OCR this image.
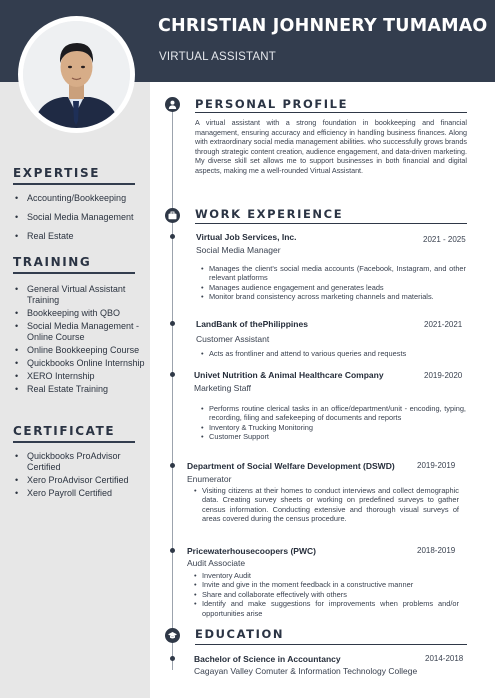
CHRISTIAN JOHNNERY TUMAMAO
VIRTUAL ASSISTANT
EXPERTISE
• Accounting/Bookkeeping
• Social Media Management
• Real Estate
TRAINING
• General Virtual Assistant Training
• Bookkeeping with QBO
• Social Media Management - Online Course
• Online Bookkeeping Course
• Quickbooks Online Internship
• XERO Internship
• Real Estate Training
CERTIFICATE
• Quickbooks ProAdvisor Certified
• Xero ProAdvisor Certified
• Xero Payroll Certified
PERSONAL PROFILE
A virtual assistant with a strong foundation in bookkeeping and financial management, ensuring accuracy and efficiency in handling business finances. Along with extraordinary social media management abilities. who successfully grows brands through strategic content creation, audience engagement, and data-driven marketing. My diverse skill set allows me to support businesses in both financial and digital aspects, making me a well-rounded Virtual Assistant.
WORK EXPERIENCE
Virtual Job Services, Inc.	2021 - 2025
Social Media Manager
• Manages the client's social media accounts (Facebook, Instagram, and other relevant platforms
• Manages audience engagement and generates leads
• Monitor brand consistency across marketing channels and materials.
LandBank of thePhilippines	2021-2021
Customer Assistant
• Acts as frontliner and attend to various queries and requests
Univet Nutrition & Animal Healthcare Company	2019-2020
Marketing Staff
• Performs routine clerical tasks in an office/department/unit - encoding, typing, recording, filing and safekeeping of documents and reports
• Inventory & Trucking Monitoring
• Customer Support
Department of Social Welfare Development (DSWD)	2019-2019
Enumerator
• Visiting citizens at their homes to conduct interviews and collect demographic data. Creating survey sheets or working on predefined surveys to gather census information. Conducting extensive and thorough visual surveys of areas covered during the census procedure.
Pricewaterhousecoopers (PWC)	2018-2019
Audit Associate
• Inventory Audit
• Invite and give in the moment feedback in a constructive manner
• Share and collaborate effectively with others
• Identify and make suggestions for improvements when problems and/or opportunities arise
EDUCATION
Bachelor of Science in Accountancy	2014-2018
Cagayan Valley Comuter & Information Technology College
